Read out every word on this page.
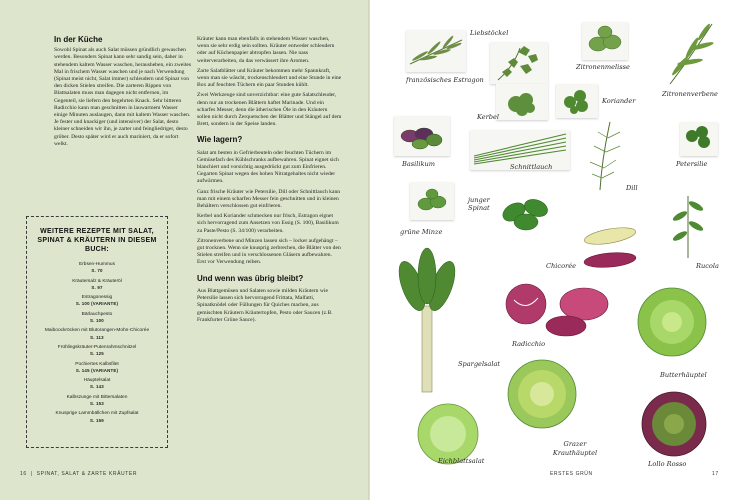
In der Küche

Sowohl Spinat als auch Salat müssen gründlich gewaschen werden. Besonders Spinat kann sehr sandig sein, daher in stehendem kaltem Wasser waschen, herausheben, ein zweites Mal in frischem Wasser waschen und je nach Verwendung (Spinat meist nicht, Salat immer) schleudern und Spinat von den dicken Stielen streifen. Die zarteren Rippen von Blattsalaten muss man dagegen nicht entfernen, im Gegenteil, sie liefern den begehrten Knack. Sehr bitteren Radicchio kann man geschnitten in lauwarmem Wasser einige Minuten auslaugen, dann mit kaltem Wasser waschen. Je fester und knackiger (und intensiver) der Salat, desto kleiner schneiden wir ihn, je zarter und feingliedriger, desto gröber. Desto später wird er auch mariniert, da er sofort welkt.

Kräuter kann man ebenfalls in stehendem Wasser waschen, wenn sie sehr erdig sein sollten. Kräuter entweder schleudern oder auf Küchenpapier abtropfen lassen. Nie nass weiterverarbeiten, da das verwässert ihre Aromen.

Zarte Salatblätter und Kräuter bekommen mehr Spannkraft, wenn man sie wäscht, trockenschleudert und eine Stunde in eine Box auf feuchten Tüchern ein paar Stunden kühlt.

Zwei Werkzeuge sind unverzichtbar: eine gute Salatschleuder, denn nur an trockenen Blättern haftet Marinade. Und ein scharfes Messer, denn die ätherischen Öle in den Kräutern sollen nicht durch Zerquetschen der Blätter und Stängel auf dem Brett, sondern in der Speise landen.

Wie lagern?

Salat am besten in Gefrierbeuteln oder feuchten Tüchern im Gemüsefach des Kühlschranks aufbewahren. Spinat eignet sich blanchiert und vorsichtig ausgedrückt gut zum Einfrieren. Gegarten Spinat wegen des hohen Nitratgehaltes nicht wieder aufwärmen.

Ganz frische Kräuter wie Petersilie, Dill oder Schnittlauch kann man mit einem scharfen Messer fein geschnitten und in kleinen Behältern verschlossen gut einfrieren.

Kerbel und Koriander schmecken nur frisch, Estragon eignet sich hervorragend zum Ansetzen von Essig (S. 100), Basilikum zu Paste/Pesto (S. 34/100) verarbeiten.

Zitronenverbene und Minzen lassen sich – locker aufgehängt – gut trocknen. Wenn sie knusprig zerbrechen, die Blätter von den Stielen streifen und in verschlossenen Gläsern aufbewahren. Erst vor Verwendung reiben.

Und wenn was übrig bleibt?

Aus Blattgemüsen und Salaten sowie milden Kräutern wie Petersilie lassen sich hervorragend Frittata, Malfatti, Spinatknödel oder Füllungen für Quiches machen, aus gemischten Kräutern Kräutertopfen, Pesto oder Saucen (z.B. Frankfurter Grüne Sauce).

WEITERE REZEPTE MIT SALAT, SPINAT & KRÄUTERN IN DIESEM BUCH:
Erbsen-Hummus
S. 70
Kräutersalz & Kräuteröl
S. 97
Estragonessig
S. 100 (VARIANTE)
Bärlauchpesto
S. 100
Maiboockröcken mit Blutorangen-Mohn-Chicorée
S. 113
Frühlingskräuter-Putenrahmschnitzel
S. 125
Pochiertes Kalbsfilet
S. 145 (VARIANTE)
Häuptelsalat
S. 143
Kalbszunge mit Bittersalaten
S. 153
Knusprige Lammbällchen mit Zupfsalat
S. 159
16 | SPINAT, SALAT & ZARTE KRÄUTER
französisches Estragon
Liebstöckel
Zitronenmelisse
Zitronenverbene
Kerbel
Koriander
Basilikum	Schnittlauch
Dill
Petersilie
grüne Minze
junger Spinat
Chicorée	Rucola
Spargelsalat
Radicchio
Butterhäuptel
Grazer Krauthäuptel
Eichblattsalat	Lollo Rosso
ERSTES GRÜN	17
